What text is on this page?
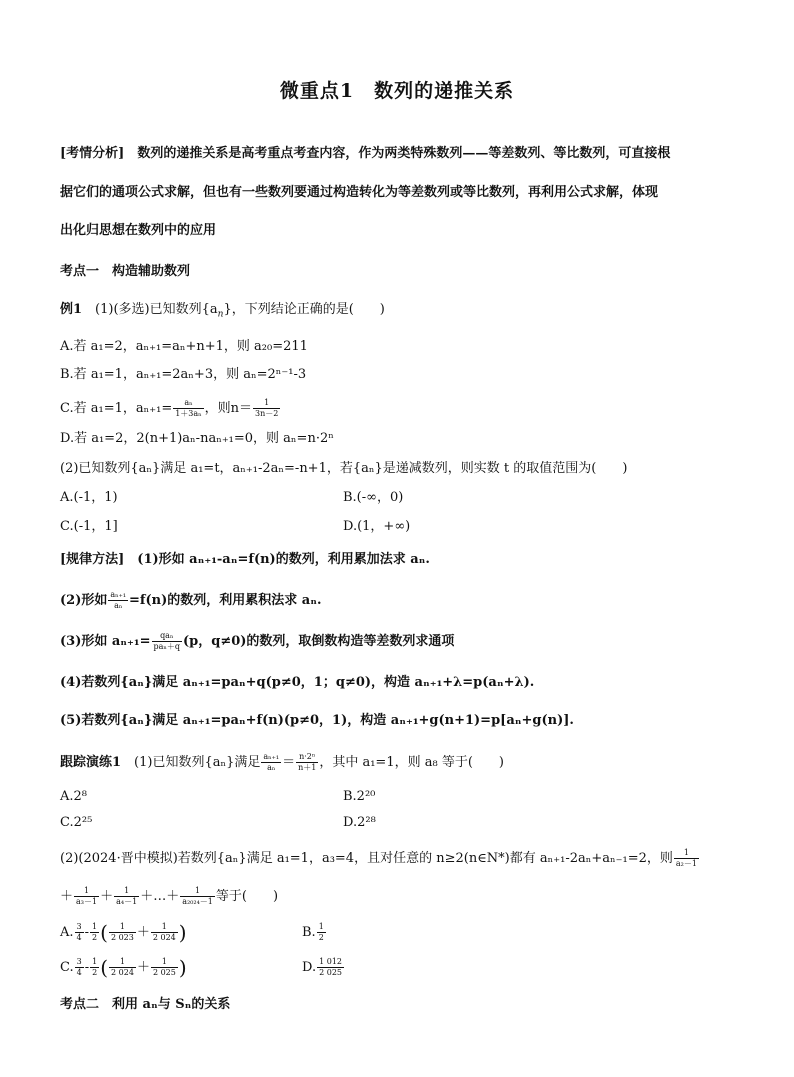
微重点1　数列的递推关系
[考情分析]　数列的递推关系是高考重点考查内容，作为两类特殊数列——等差数列、等比数列，可直接根
据它们的通项公式求解，但也有一些数列要通过构造转化为等差数列或等比数列，再利用公式求解，体现
出化归思想在数列中的应用
考点一　构造辅助数列
例1　(1)(多选)已知数列$\{a_n\}$，下列结论正确的是(　　)
A.若 a₁=2，aₙ₊₁=aₙ+n+1，则 a₂₀=211
B.若 a₁=1，aₙ₊₁=2aₙ+3，则 aₙ=2ⁿ⁻¹-3
C.若 a₁=1，$a_{n+1}= \frac{\text{aₙ}}{\text{1＋3aₙ}}$ ，则$n= \frac{1}{3n-2}$
D.若 a₁=2，2(n+1)aₙ-naₙ₊₁=0，则 aₙ=n·2ⁿ
(2)已知数列{aₙ}满足 a₁=t，aₙ₊₁-2aₙ=-n+1，若{aₙ}是递减数列，则实数 t 的取值范围为(　　)
A.(-1，1)	B.(-∞，0)
C.(-1，1]	D.(1，+∞)
[规律方法]　(1)形如 aₙ₊₁-aₙ=f(n)的数列，利用累加法求 aₙ.
(2)形如 $\frac{\text{aₙ₊₁}}{\text{aₙ}} =f(n)$的数列，利用累积法求 aₙ.
(3)形如 $a_{n+1}= \frac{\text{qaₙ}}{\text{paₙ＋q}} (p$，q≠0)的数列，取倒数构造等差数列求通项
(4)若数列{aₙ}满足 aₙ₊₁=paₙ+q(p≠0，1；q≠0)，构造 aₙ₊₁+λ=p(aₙ+λ).
(5)若数列{aₙ}满足 aₙ₊₁=paₙ+f(n)(p≠0，1)，构造 aₙ₊₁+g(n+1)=p[aₙ+g(n)].
跟踪演练1　(1)已知数列{aₙ}满足 $\frac{\text{aₙ₊₁}}{\text{aₙ}} = \frac{\text{n·2ⁿ}}{n+1}$ ，其中 a₁=1，则 a₈ 等于(　　)
A.2⁸	B.2²⁰
C.2²⁵	D.2²⁸
(2)(2024·晋中模拟)若数列{aₙ}满足 a₁=1，a₃=4，且对任意的 n≥2(n∈N*)都有 aₙ₊₁-2aₙ+aₙ₋₁=2，则 $\frac{1}{\text{a₂－1}}$
＋ $\frac{1}{\text{a₃－1}} + \frac{1}{\text{a₄－1}}$ ＋…＋ $\frac{1}{\text{a₂₀₂₄－1}}$ 等于(　　)
A. $\frac{3}{4} - \frac{1}{2}$ ( $\frac{1}{2 023} + \frac{1}{2 024}$ )	B. $\frac{1}{2}$
C. $\frac{3}{4} - \frac{1}{2}$ ( $\frac{1}{2 024} + \frac{1}{2 025}$ )	D. $\frac{1 012}{2 025}$
考点二　利用 aₙ与 Sₙ的关系
